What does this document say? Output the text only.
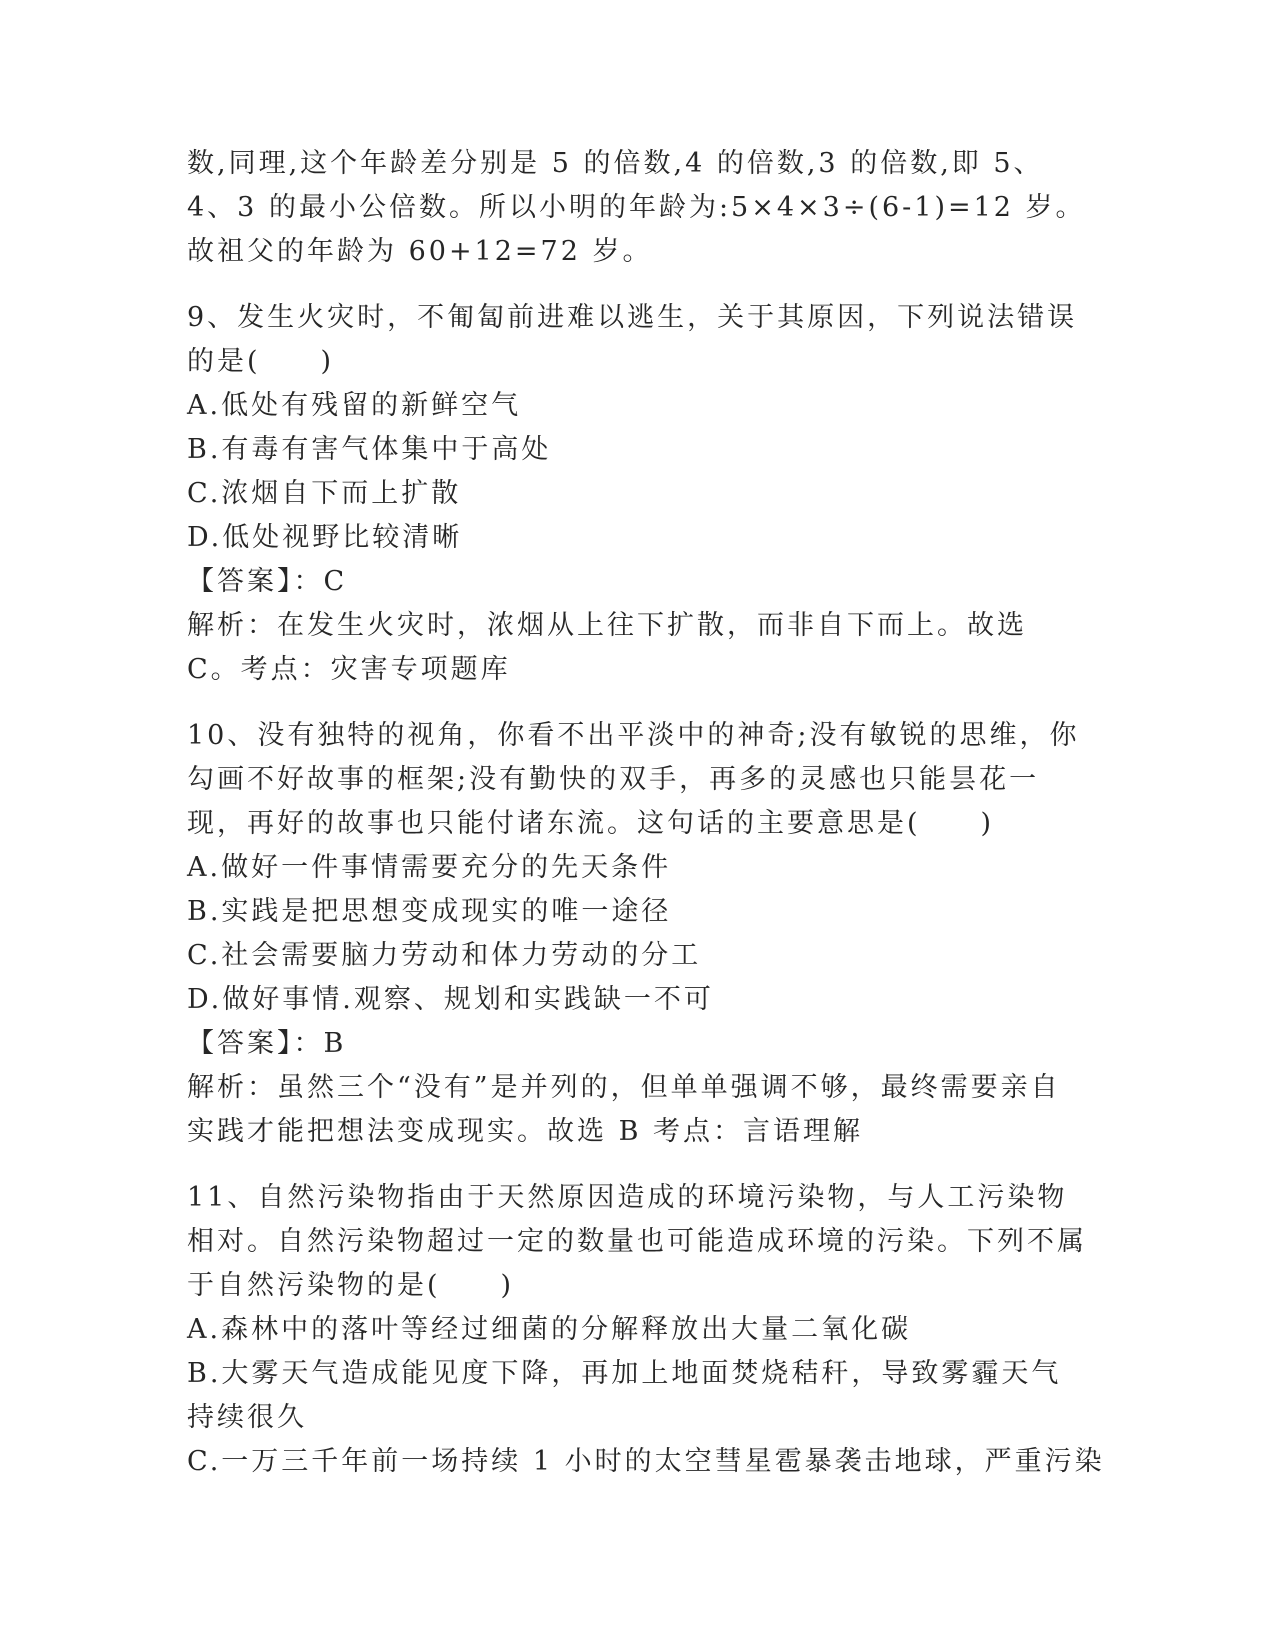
数,同理,这个年龄差分别是 5 的倍数,4 的倍数,3 的倍数,即 5、4、3 的最小公倍数。所以小明的年龄为:5×4×3÷(6-1)=12 岁。故祖父的年龄为 60+12=72 岁。

9、发生火灾时，不匍匐前进难以逃生，关于其原因，下列说法错误的是(　　)

A.低处有残留的新鲜空气

B.有毒有害气体集中于高处

C.浓烟自下而上扩散

D.低处视野比较清晰

【答案】：C

解析：在发生火灾时，浓烟从上往下扩散，而非自下而上。故选 C。考点：灾害专项题库

10、没有独特的视角，你看不出平淡中的神奇;没有敏锐的思维，你勾画不好故事的框架;没有勤快的双手，再多的灵感也只能昙花一现，再好的故事也只能付诸东流。这句话的主要意思是(　　)

A.做好一件事情需要充分的先天条件

B.实践是把思想变成现实的唯一途径

C.社会需要脑力劳动和体力劳动的分工

D.做好事情.观察、规划和实践缺一不可

【答案】：B

解析：虽然三个“没有”是并列的，但单单强调不够，最终需要亲自实践才能把想法变成现实。故选 B 考点：言语理解

11、自然污染物指由于天然原因造成的环境污染物，与人工污染物相对。自然污染物超过一定的数量也可能造成环境的污染。下列不属于自然污染物的是(　　)

A.森林中的落叶等经过细菌的分解释放出大量二氧化碳

B.大雾天气造成能见度下降，再加上地面焚烧秸秆，导致雾霾天气持续很久

C.一万三千年前一场持续 1 小时的太空彗星雹暴袭击地球，严重污染
